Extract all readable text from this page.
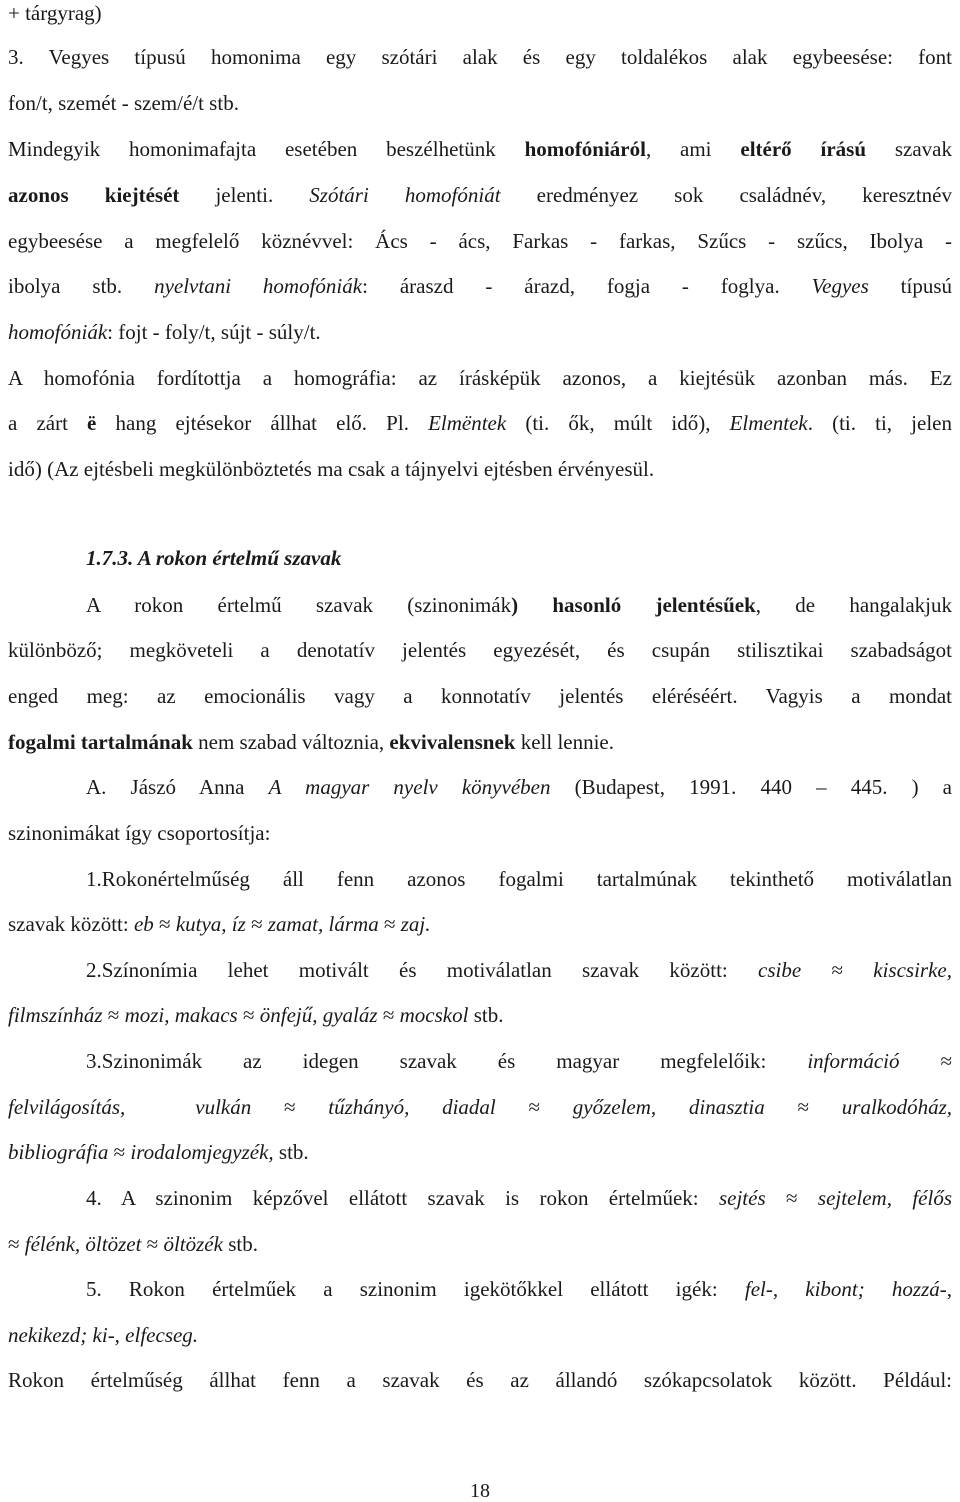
+ tárgyrag)
3. Vegyes típusú homonima egy szótári alak és egy toldalékos alak egybeesése: font
fon/t, szemét - szem/é/t stb.
Mindegyik homonimafajta esetében beszélhetünk homofóniáról, ami eltérő írású szavak
azonos kiejtését jelenti. Szótári homofóniát eredményez sok családnév, keresztnév
egybeesése a megfelelő köznévvel: Ács - ács, Farkas - farkas, Szűcs - szűcs, Ibolya -
ibolya stb. nyelvtani homofóniák: áraszd - árazd, fogja - foglya. Vegyes típusú
homofóniák: fojt - foly/t, sújt - súly/t.
A homofónia fordítottja a homográfia: az írásképük azonos, a kiejtésük azonban más. Ez
a zárt ë hang ejtésekor állhat elő. Pl. Elmëntek (ti. ők, múlt idő), Elmentek. (ti. ti, jelen
idő) (Az ejtésbeli megkülönböztetés ma csak a tájnyelvi ejtésben érvényesül.
1.7.3. A rokon értelmű szavak
A rokon értelmű szavak (szinonimák) hasonló jelentésűek, de hangalakjuk
különböző; megköveteli a denotatív jelentés egyezését, és csupán stilisztikai szabadságot
enged meg: az emocionális vagy a konnotatív jelentés eléréséért. Vagyis a mondat
fogalmi tartalmának nem szabad változnia, ekvivalensnek kell lennie.
A. Jászó Anna A magyar nyelv könyvében (Budapest, 1991. 440 – 445. ) a
szinonimákat így csoportosítja:
1.Rokonértelműség áll fenn azonos fogalmi tartalmúnak tekinthető motiválatlan
szavak között: eb ≈ kutya, íz ≈ zamat, lárma ≈ zaj.
2.Színonímia lehet motivált és motiválatlan szavak között: csibe ≈ kiscsirke,
filmszínház ≈ mozi, makacs ≈ önfejű, gyaláz ≈ mocskol stb.
3.Szinonimák az idegen szavak és magyar megfelelőik: információ ≈
felvilágosítás,	vulkán ≈ tűzhányó, diadal ≈ győzelem, dinasztia ≈ uralkodóház,
bibliográfia ≈ irodalomjegyzék, stb.
4. A szinonim képzővel ellátott szavak is rokon értelműek: sejtés ≈ sejtelem, félős
≈ félénk, öltözet ≈ öltözék stb.
5. Rokon értelműek a szinonim igekötőkkel ellátott igék: fel-, kibont; hozzá-,
nekikezd; ki-, elfecseg.
Rokon értelműség állhat fenn a szavak és az állandó szókapcsolatok között. Például:
18
